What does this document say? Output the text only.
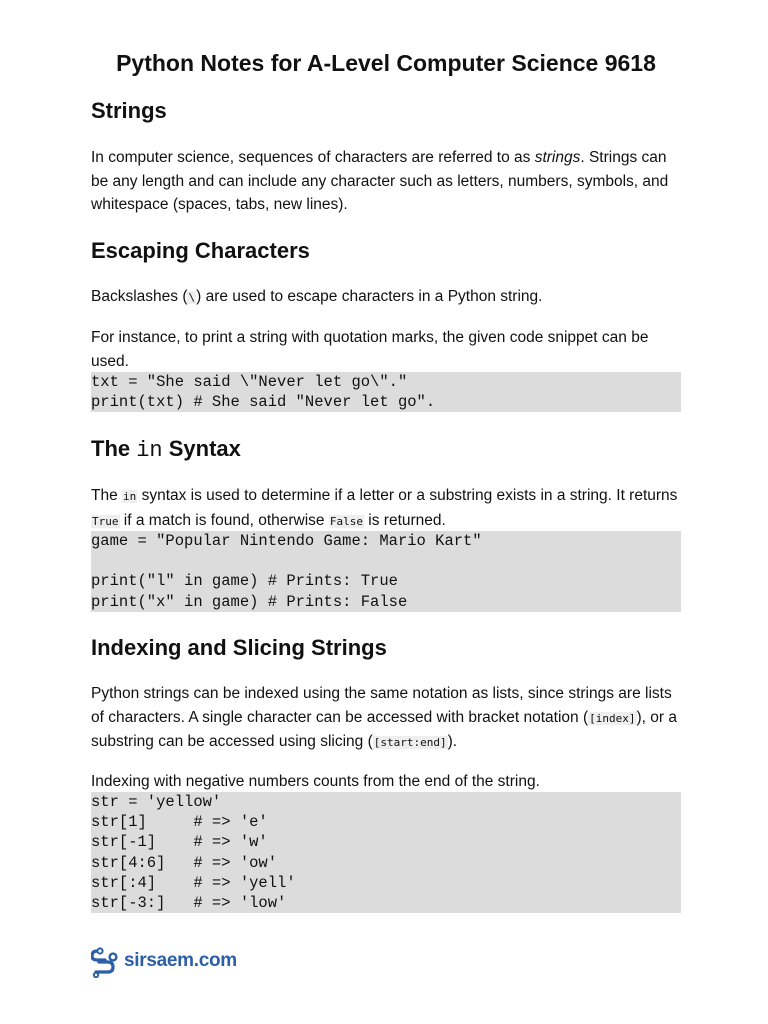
Python Notes for A-Level Computer Science 9618
Strings

In computer science, sequences of characters are referred to as strings. Strings can be any length and can include any character such as letters, numbers, symbols, and whitespace (spaces, tabs, new lines).

Escaping Characters

Backslashes (\) are used to escape characters in a Python string.

For instance, to print a string with quotation marks, the given code snippet can be used.

txt = "She said \"Never let go\"."
print(txt) # She said "Never let go".
The in Syntax

The in syntax is used to determine if a letter or a substring exists in a string. It returns True if a match is found, otherwise False is returned.

game = "Popular Nintendo Game: Mario Kart"

print("l" in game) # Prints: True
print("x" in game) # Prints: False
Indexing and Slicing Strings

Python strings can be indexed using the same notation as lists, since strings are lists of characters. A single character can be accessed with bracket notation ([index]), or a substring can be accessed using slicing ([start:end]).

Indexing with negative numbers counts from the end of the string.

str = 'yellow'
str[1]     # => 'e'
str[-1]    # => 'w'
str[4:6]   # => 'ow'
str[:4]    # => 'yell'
str[-3:]   # => 'low'
sirsaem.com
